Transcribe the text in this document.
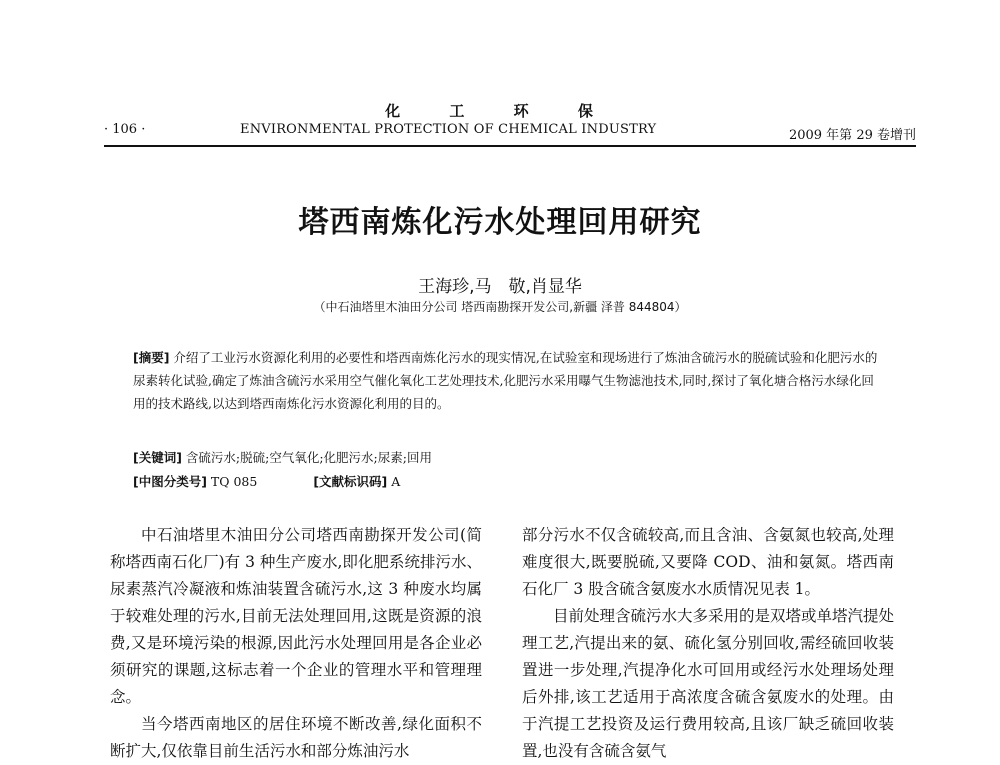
化 工 环 保
· 106 ·	ENVIRONMENTAL PROTECTION OF CHEMICAL INDUSTRY	2009 年第 29 卷增刊
塔西南炼化污水处理回用研究
王海珍,马　敬,肖显华
（中石油塔里木油田分公司 塔西南勘探开发公司,新疆 泽普 844804）

[摘要] 介绍了工业污水资源化利用的必要性和塔西南炼化污水的现实情况,在试验室和现场进行了炼油含硫污水的脱硫试验和化肥污水的尿素转化试验,确定了炼油含硫污水采用空气催化氧化工艺处理技术,化肥污水采用曝气生物滤池技术,同时,探讨了氧化塘合格污水绿化回用的技术路线,以达到塔西南炼化污水资源化利用的目的。

[关键词] 含硫污水;脱硫;空气氧化;化肥污水;尿素;回用
[中图分类号] TQ 085	[文献标识码] A

中石油塔里木油田分公司塔西南勘探开发公司(简称塔西南石化厂)有 3 种生产废水,即化肥系统排污水、尿素蒸汽冷凝液和炼油装置含硫污水,这 3 种废水均属于较难处理的污水,目前无法处理回用,这既是资源的浪费,又是环境污染的根源,因此污水处理回用是各企业必须研究的课题,这标志着一个企业的管理水平和管理理念。

当今塔西南地区的居住环境不断改善,绿化面积不断扩大,仅依靠目前生活污水和部分炼油污水

部分污水不仅含硫较高,而且含油、含氨氮也较高,处理难度很大,既要脱硫,又要降 COD、油和氨氮。塔西南石化厂 3 股含硫含氨废水水质情况见表 1。

目前处理含硫污水大多采用的是双塔或单塔汽提处理工艺,汽提出来的氨、硫化氢分别回收,需经硫回收装置进一步处理,汽提净化水可回用或经污水处理场处理后外排,该工艺适用于高浓度含硫含氨废水的处理。由于汽提工艺投资及运行费用较高,且该厂缺乏硫回收装置,也没有含硫含氨气
